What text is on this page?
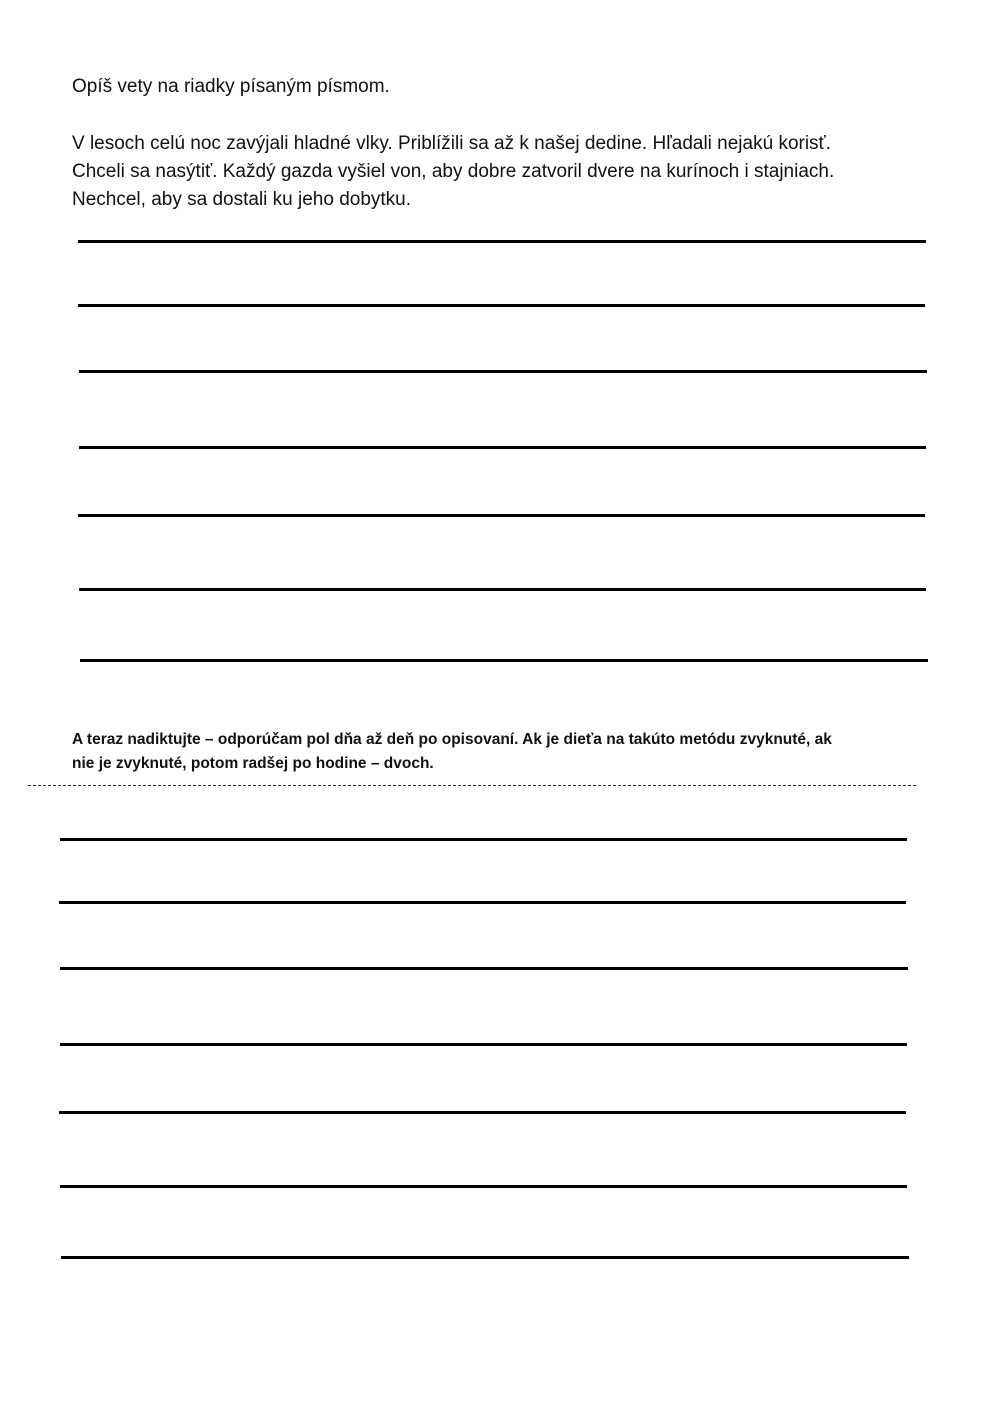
Opíš vety na riadky písaným písmom.
V lesoch celú noc zavýjali hladné vlky. Priblížili sa až k našej dedine. Hľadali nejakú korisť.
Chceli sa nasýtiť. Každý gazda vyšiel von, aby dobre zatvoril dvere na kurínoch i stajniach.
Nechcel, aby sa dostali ku jeho dobytku.
A teraz nadiktujte – odporúčam pol dňa až deň po opisovaní. Ak je dieťa na takúto metódu zvyknuté, ak
nie je zvyknuté, potom radšej po hodine – dvoch.
